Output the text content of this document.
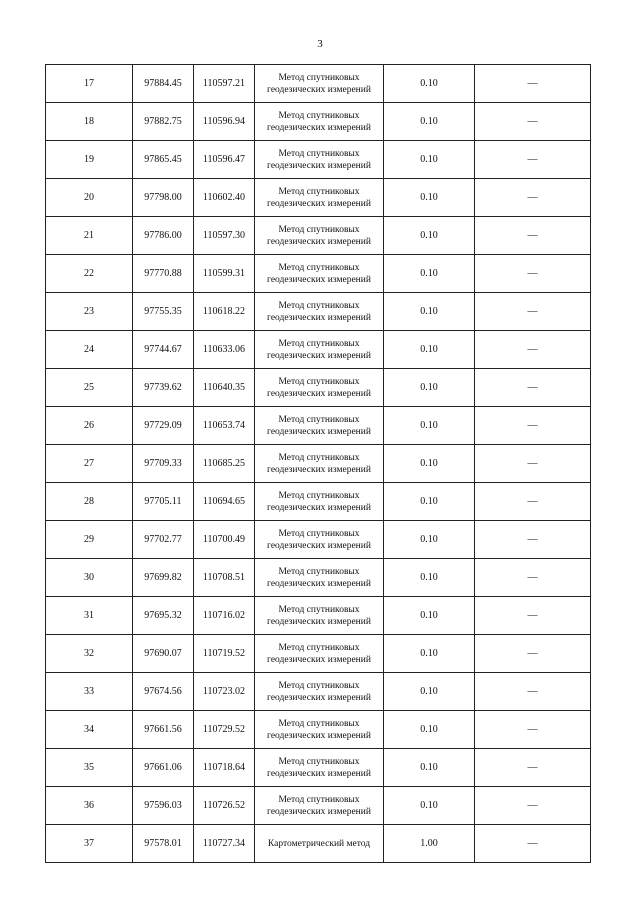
3
17	97884.45	110597.21	Метод спутниковых геодезических измерений	0.10	—
18	97882.75	110596.94	Метод спутниковых геодезических измерений	0.10	—
19	97865.45	110596.47	Метод спутниковых геодезических измерений	0.10	—
20	97798.00	110602.40	Метод спутниковых геодезических измерений	0.10	—
21	97786.00	110597.30	Метод спутниковых геодезических измерений	0.10	—
22	97770.88	110599.31	Метод спутниковых геодезических измерений	0.10	—
23	97755.35	110618.22	Метод спутниковых геодезических измерений	0.10	—
24	97744.67	110633.06	Метод спутниковых геодезических измерений	0.10	—
25	97739.62	110640.35	Метод спутниковых геодезических измерений	0.10	—
26	97729.09	110653.74	Метод спутниковых геодезических измерений	0.10	—
27	97709.33	110685.25	Метод спутниковых геодезических измерений	0.10	—
28	97705.11	110694.65	Метод спутниковых геодезических измерений	0.10	—
29	97702.77	110700.49	Метод спутниковых геодезических измерений	0.10	—
30	97699.82	110708.51	Метод спутниковых геодезических измерений	0.10	—
31	97695.32	110716.02	Метод спутниковых геодезических измерений	0.10	—
32	97690.07	110719.52	Метод спутниковых геодезических измерений	0.10	—
33	97674.56	110723.02	Метод спутниковых геодезических измерений	0.10	—
34	97661.56	110729.52	Метод спутниковых геодезических измерений	0.10	—
35	97661.06	110718.64	Метод спутниковых геодезических измерений	0.10	—
36	97596.03	110726.52	Метод спутниковых геодезических измерений	0.10	—
37	97578.01	110727.34	Картометрический метод	1.00	—
